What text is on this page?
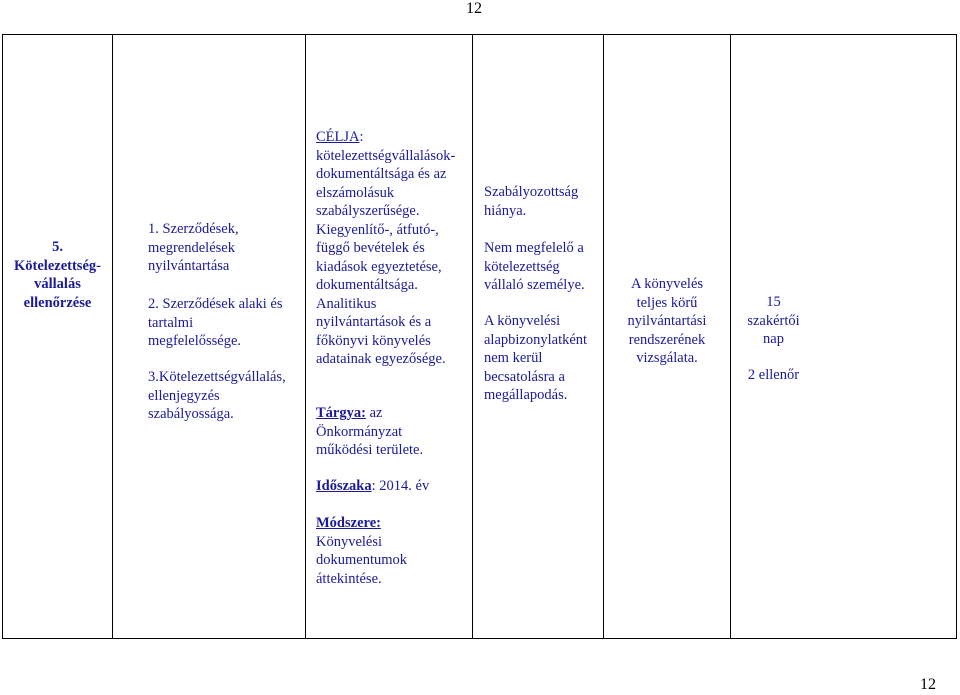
12
5.
Kötelezettség-
vállalás
ellenőrzése
1. Szerződések,
megrendelések
nyilvántartása
2. Szerződések alaki és
tartalmi
megfelelőssége.
3.Kötelezettségvállalás,
ellenjegyzés
szabályossága.
CÉLJA:
kötelezettségvállalások-
dokumentáltsága és az
elszámolásuk
szabályszerűsége.
Kiegyenlítő-, átfutó-,
függő bevételek és
kiadások egyeztetése,
dokumentáltsága.
Analitikus
nyilvántartások és a
főkönyvi könyvelés
adatainak egyezősége.
Tárgya: az
Önkormányzat
működési területe.
Időszaka: 2014. év
Módszere:
Könyvelési
dokumentumok
áttekintése.
Szabályozottság
hiánya.
Nem megfelelő a
kötelezettség
vállaló személye.
A könyvelési
alapbizonylatként
nem kerül
becsatolásra a
megállapodás.
A könyvelés
teljes körű
nyilvántartási
rendszerének
vizsgálata.
15
szakértői
nap
2 ellenőr
12
